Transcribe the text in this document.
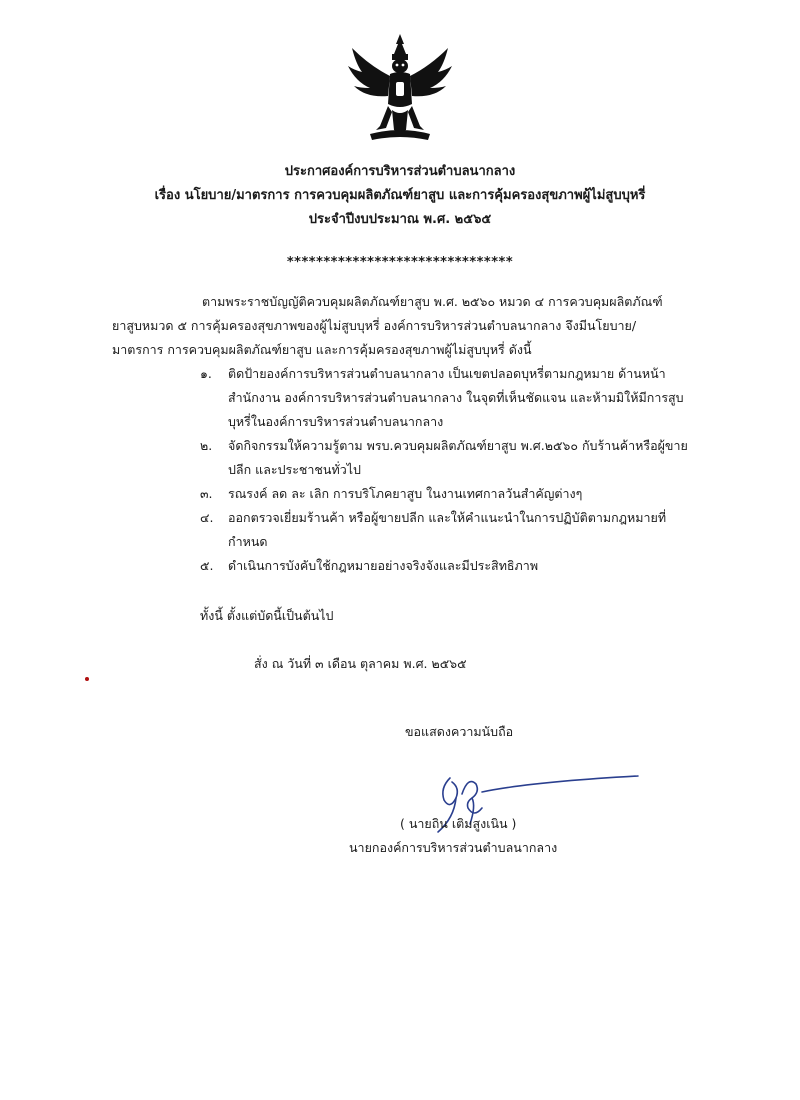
ประกาศองค์การบริหารส่วนตำบลนากลาง
เรื่อง นโยบาย/มาตรการ การควบคุมผลิตภัณฑ์ยาสูบ และการคุ้มครองสุขภาพผู้ไม่สูบบุหรี่
ประจำปีงบประมาณ พ.ศ. ๒๕๖๕
*******************************
ตามพระราชบัญญัติควบคุมผลิตภัณฑ์ยาสูบ พ.ศ. ๒๕๖๐ หมวด ๔ การควบคุมผลิตภัณฑ์
ยาสูบหมวด ๕ การคุ้มครองสุขภาพของผู้ไม่สูบบุหรี่ องค์การบริหารส่วนตำบลนากลาง จึงมีนโยบาย/
มาตรการ การควบคุมผลิตภัณฑ์ยาสูบ และการคุ้มครองสุขภาพผู้ไม่สูบบุหรี่ ดังนี้
๑.	ติดป้ายองค์การบริหารส่วนตำบลนากลาง เป็นเขตปลอดบุหรี่ตามกฎหมาย ด้านหน้า
สำนักงาน องค์การบริหารส่วนตำบลนากลาง ในจุดที่เห็นชัดแจน และห้ามมิให้มีการสูบ
บุหรี่ในองค์การบริหารส่วนตำบลนากลาง
๒.	จัดกิจกรรมให้ความรู้ตาม พรบ.ควบคุมผลิตภัณฑ์ยาสูบ พ.ศ.๒๕๖๐ กับร้านค้าหรือผู้ขาย
ปลีก และประชาชนทั่วไป
๓.	รณรงค์ ลด ละ เลิก การบริโภคยาสูบ ในงานเทศกาลวันสำคัญต่างๆ
๔.	ออกตรวจเยี่ยมร้านค้า หรือผู้ขายปลีก และให้คำแนะนำในการปฏิบัติตามกฎหมายที่
กำหนด
๕.	ดำเนินการบังคับใช้กฎหมายอย่างจริงจังและมีประสิทธิภาพ
ทั้งนี้ ตั้งแต่บัดนี้เป็นต้นไป
สั่ง ณ วันที่ ๓ เดือน ตุลาคม พ.ศ. ๒๕๖๕
ขอแสดงความนับถือ
( นายถิน เติมสูงเนิน )
นายกองค์การบริหารส่วนตำบลนากลาง
